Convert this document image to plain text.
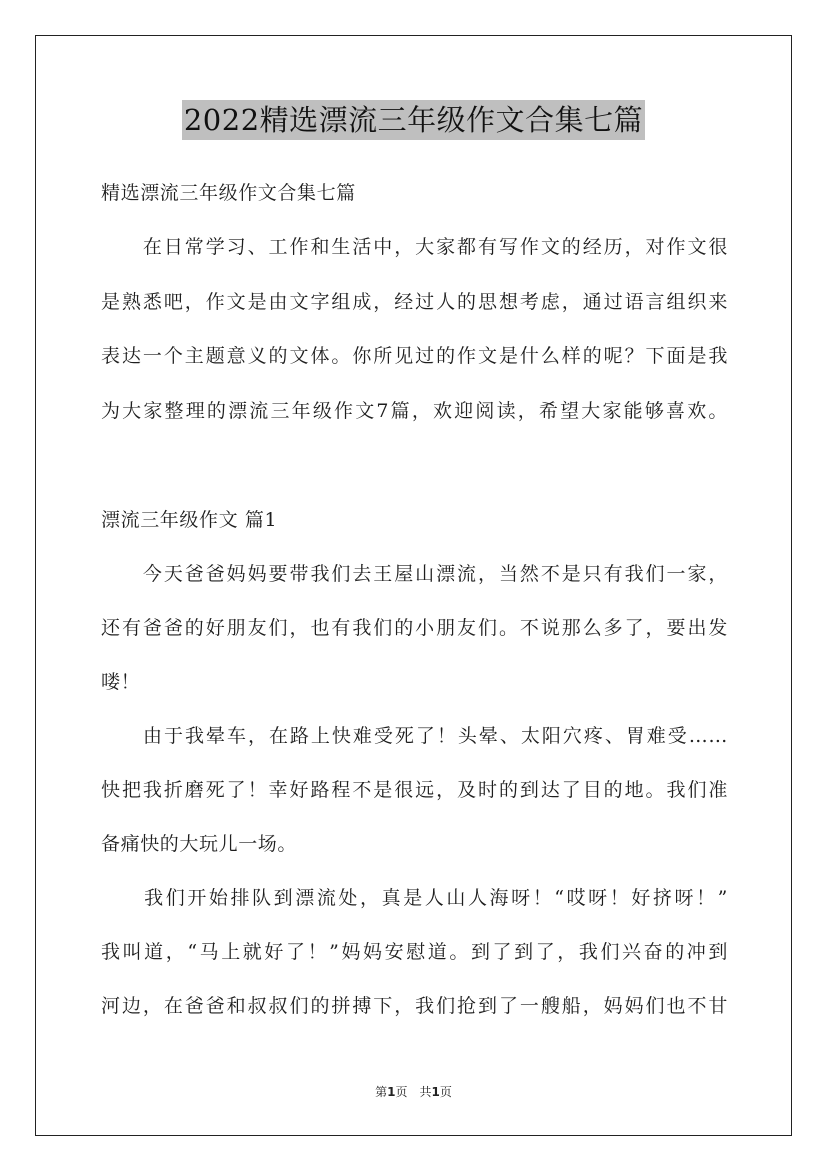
2022精选漂流三年级作文合集七篇
精选漂流三年级作文合集七篇
　　在日常学习、工作和生活中，大家都有写作文的经历，对作文很
是熟悉吧，作文是由文字组成，经过人的思想考虑，通过语言组织来
表达一个主题意义的文体。你所见过的作文是什么样的呢？下面是我
为大家整理的漂流三年级作文7篇，欢迎阅读，希望大家能够喜欢。
漂流三年级作文 篇1
　　今天爸爸妈妈要带我们去王屋山漂流，当然不是只有我们一家，
还有爸爸的好朋友们，也有我们的小朋友们。不说那么多了，要出发
喽！
　　由于我晕车，在路上快难受死了！头晕、太阳穴疼、胃难受……
快把我折磨死了！幸好路程不是很远，及时的到达了目的地。我们准
备痛快的大玩儿一场。
　　我们开始排队到漂流处，真是人山人海呀！“哎呀！好挤呀！”
我叫道，“马上就好了！”妈妈安慰道。到了到了，我们兴奋的冲到
河边，在爸爸和叔叔们的拼搏下，我们抢到了一艘船，妈妈们也不甘
第1页　共1页
